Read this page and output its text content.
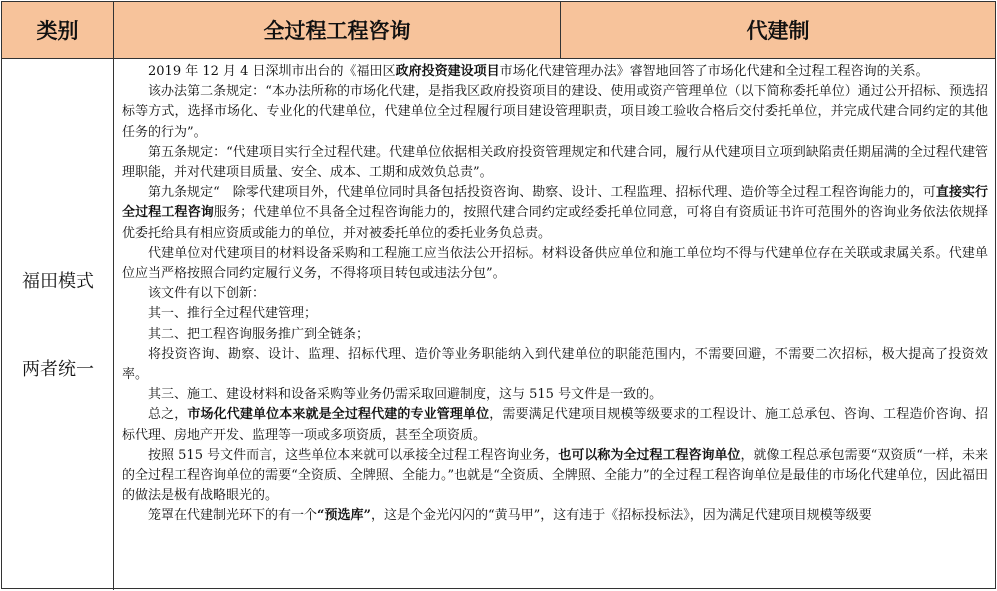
类别	全过程工程咨询	代建制
福田模式
两者统一

2019 年 12 月 4 日深圳市出台的《福田区政府投资建设项目市场化代建管理办法》睿智地回答了市场化代建和全过程工程咨询的关系。

该办法第二条规定：“本办法所称的市场化代建，是指我区政府投资项目的建设、使用或资产管理单位（以下简称委托单位）通过公开招标、预选招标等方式，选择市场化、专业化的代建单位，代建单位全过程履行项目建设管理职责，项目竣工验收合格后交付委托单位，并完成代建合同约定的其他任务的行为”。

第五条规定：“代建项目实行全过程代建。代建单位依据相关政府投资管理规定和代建合同，履行从代建项目立项到缺陷责任期届满的全过程代建管理职能，并对代建项目质量、安全、成本、工期和成效负总责”。

第九条规定“　除零代建项目外，代建单位同时具备包括投资咨询、勘察、设计、工程监理、招标代理、造价等全过程工程咨询能力的，可直接实行全过程工程咨询服务；代建单位不具备全过程咨询能力的，按照代建合同约定或经委托单位同意，可将自有资质证书许可范围外的咨询业务依法依规择优委托给具有相应资质或能力的单位，并对被委托单位的委托业务负总责。

代建单位对代建项目的材料设备采购和工程施工应当依法公开招标。材料设备供应单位和施工单位均不得与代建单位存在关联或隶属关系。代建单位应当严格按照合同约定履行义务，不得将项目转包或违法分包”。

该文件有以下创新：

其一、推行全过程代建管理；

其二、把工程咨询服务推广到全链条；

将投资咨询、勘察、设计、监理、招标代理、造价等业务职能纳入到代建单位的职能范围内，不需要回避，不需要二次招标，极大提高了投资效率。

其三、施工、建设材料和设备采购等业务仍需采取回避制度，这与 515 号文件是一致的。

总之，市场化代建单位本来就是全过程代建的专业管理单位，需要满足代建项目规模等级要求的工程设计、施工总承包、咨询、工程造价咨询、招标代理、房地产开发、监理等一项或多项资质，甚至全项资质。

按照 515 号文件而言，这些单位本来就可以承接全过程工程咨询业务，也可以称为全过程工程咨询单位，就像工程总承包需要“双资质“一样，未来的全过程工程咨询单位的需要“全资质、全牌照、全能力。”也就是“全资质、全牌照、全能力”的全过程工程咨询单位是最佳的市场化代建单位，因此福田的做法是极有战略眼光的。

笼罩在代建制光环下的有一个“预选库”，这是个金光闪闪的“黄马甲”，这有违于《招标投标法》，因为满足代建项目规模等级要
